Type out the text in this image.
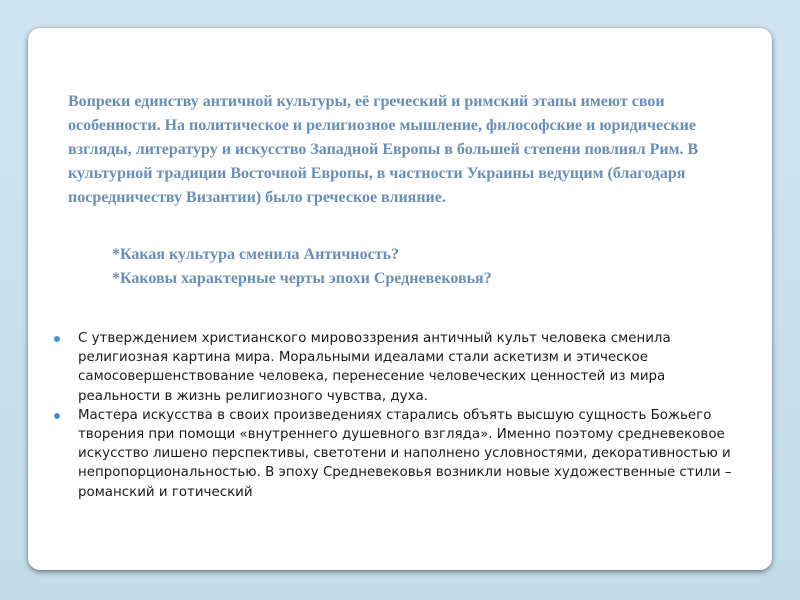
Вопреки единству античной культуры, её греческий и римский этапы имеют свои особенности. На политическое и религиозное мышление, философские и юридические взгляды, литературу и искусство Западной Европы в большей степени повлиял Рим. В культурной традиции Восточной Европы, в частности Украины ведущим (благодаря посредничеству Византии) было греческое влияние.

*Какая культура сменила Античность?
*Каковы характерные черты эпохи Средневековья?
С утверждением христианского мировоззрения античный культ человека сменила религиозная картина мира. Моральными идеалами стали аскетизм и этическое самосовершенствование человека, перенесение человеческих ценностей из мира реальности в жизнь религиозного чувства, духа.
Мастера искусства в своих произведениях старались объять высшую сущность Божьего творения при помощи «внутреннего душевного взгляда». Именно поэтому средневековое искусство лишено перспективы, светотени и наполнено условностями, декоративностью и непропорциональностью. В эпоху Средневековья возникли новые художественные стили – романский и готический
